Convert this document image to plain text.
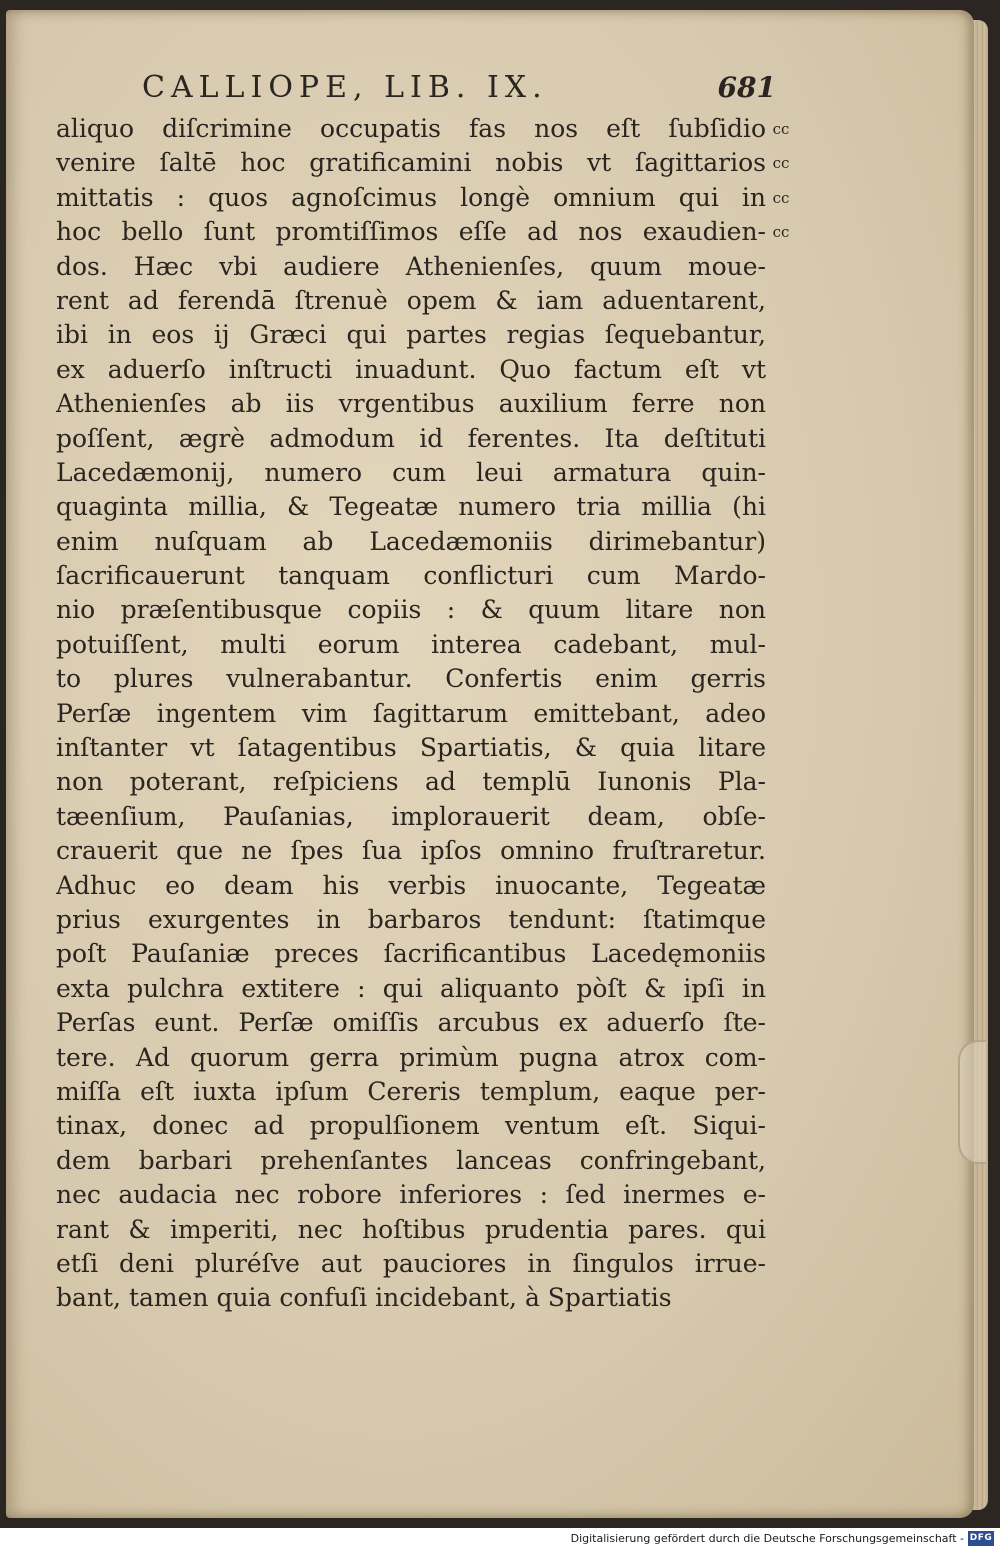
CALLIOPE, LIB. IX.	681
aliquo diſcrimine occupatis fas nos eſt ſubſidio
venire ſaltē hoc gratificamini nobis vt ſagittarios
mittatis : quos agnoſcimus longè omnium qui in
hoc bello ſunt promtiſſimos eſſe ad nos exaudien-
dos. Hæc vbi audiere Athenienſes, quum moue-
rent ad ferendā ſtrenuè opem & iam aduentarent,
ibi in eos ij Græci qui partes regias ſequebantur,
ex aduerſo inſtructi inuadunt. Quo factum eſt vt
Athenienſes ab iis vrgentibus auxilium ferre non
poſſent, ægrè admodum id ferentes. Ita deſtituti
Lacedæmonij, numero cum leui armatura quin-
quaginta millia, & Tegeatæ numero tria millia (hi
enim nuſquam ab Lacedæmoniis dirimebantur)
ſacrificauerunt tanquam conflicturi cum Mardo-
nio præſentibusque copiis : & quum litare non
potuiſſent, multi eorum interea cadebant, mul-
to plures vulnerabantur. Confertis enim gerris
Perſæ ingentem vim ſagittarum emittebant, adeo
inſtanter vt ſatagentibus Spartiatis, & quia litare
non poterant, reſpiciens ad templū Iunonis Pla-
tæenſium, Pauſanias, implorauerit deam, obſe-
crauerit que ne ſpes ſua ipſos omnino fruſtraretur.
Adhuc eo deam his verbis inuocante, Tegeatæ
prius exurgentes in barbaros tendunt: ſtatimque
poſt Pauſaniæ preces ſacrificantibus Lacedęmoniis
exta pulchra extitere : qui aliquanto pòſt & ipſi in
Perſas eunt. Perſæ omiſſis arcubus ex aduerſo ſte-
tere. Ad quorum gerra primùm pugna atrox com-
miſſa eſt iuxta ipſum Cereris templum, eaque per-
tinax, donec ad propulſionem ventum eſt. Siqui-
dem barbari prehenſantes lanceas confringebant,
nec audacia nec robore inferiores : ſed inermes e-
rant & imperiti, nec hoſtibus prudentia pares. qui
etſi deni pluréſve aut pauciores in ſingulos irrue-
bant, tamen quia confuſi incidebant, à Spartiatis
cc
cc
cc
cc
Digitalisierung gefördert durch die Deutsche Forschungsgemeinschaft - DFG
